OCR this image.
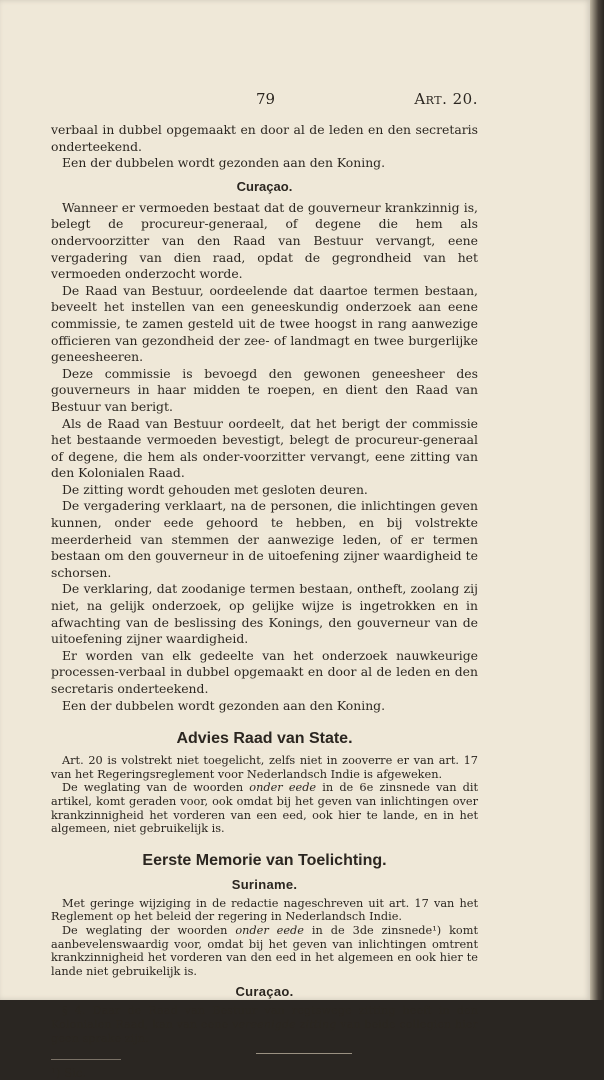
79	Art. 20.

verbaal in dubbel opgemaakt en door al de leden en den secretaris onderteekend.

Een der dubbelen wordt gezonden aan den Koning.

Curaçao.

Wanneer er vermoeden bestaat dat de gouverneur krankzinnig is, belegt de procureur-generaal, of degene die hem als ondervoorzitter van den Raad van Bestuur vervangt, eene vergadering van dien raad, opdat de gegrondheid van het vermoeden onderzocht worde.

De Raad van Bestuur, oordeelende dat daartoe termen bestaan, beveelt het instellen van een geneeskundig onderzoek aan eene commissie, te zamen gesteld uit de twee hoogst in rang aanwezige officieren van gezondheid der zee- of landmagt en twee burgerlijke geneesheeren.

Deze commissie is bevoegd den gewonen geneesheer des gouverneurs in haar midden te roepen, en dient den Raad van Bestuur van berigt.

Als de Raad van Bestuur oordeelt, dat het berigt der commissie het bestaande vermoeden bevestigt, belegt de procureur-generaal of degene, die hem als onder-voorzitter vervangt, eene zitting van den Kolonialen Raad.

De zitting wordt gehouden met gesloten deuren.

De vergadering verklaart, na de personen, die inlichtingen geven kunnen, onder eede gehoord te hebben, en bij volstrekte meerderheid van stemmen der aanwezige leden, of er termen bestaan om den gouverneur in de uitoefening zijner waardigheid te schorsen.

De verklaring, dat zoodanige termen bestaan, ontheft, zoolang zij niet, na gelijk onderzoek, op gelijke wijze is ingetrokken en in afwachting van de beslissing des Konings, den gouverneur van de uitoefening zijner waardigheid.

Er worden van elk gedeelte van het onderzoek nauwkeurige processen-verbaal in dubbel opgemaakt en door al de leden en den secretaris onderteekend.

Een der dubbelen wordt gezonden aan den Koning.

Advies Raad van State.

Art. 20 is volstrekt niet toegelicht, zelfs niet in zooverre er van art. 17 van het Regeringsreglement voor Nederlandsch Indie is afgeweken.

De weglating van de woorden onder eede in de 6e zinsnede van dit artikel, komt geraden voor, ook omdat bij het geven van inlichtingen over krankzinnigheid het vorderen van een eed, ook hier te lande, en in het algemeen, niet gebruikelijk is.

Eerste Memorie van Toelichting.
Suriname.

Met geringe wijziging in de redactie nageschreven uit art. 17 van het Reglement op het beleid der regering in Nederlandsch Indie.

De weglating der woorden onder eede in de 3de zinsnede¹) komt aanbevelenswaardig voor, omdat bij het geven van inlichtingen omtrent krankzinnigheid het vorderen van den eed in het algemeen en ook hier te lande niet gebruikelijk is.

Curaçao.

§ 4. Daar de Raad van Bestuur van regtswege zitting heeft in den Kolonialen Raad, kan van eene vereenigde zitting van beide collegien hier geen sprake zijn.

¹) Sic.
